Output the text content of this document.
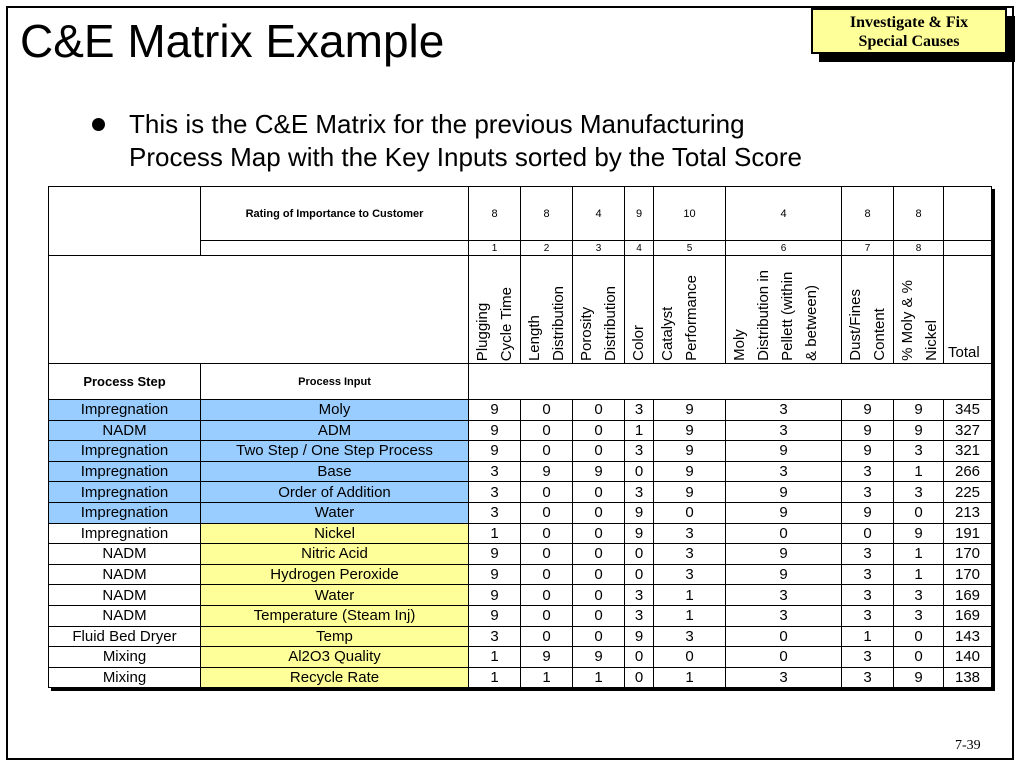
C&E Matrix Example	Investigate & Fix
Special Causes
This is the C&E Matrix for the previous Manufacturing
Process Map with the Key Inputs sorted by the Total Score
	Rating of Importance to Customer	8	8	4	9	10	4	8	8	
		1	2	3	4	5	6	7	8	

		Plugging Cycle Time	Length Distribution	Porosity Distribution	Color	Catalyst Performance	Moly Distribution in Pellett (within & between)	Dust/Fines Content	% Moly & % Nickel	Total

Process Step	Process Input									
Impregnation	Moly	9	0	0	3	9	3	9	9	345
NADM	ADM	9	0	0	1	9	3	9	9	327
Impregnation	Two Step / One Step Process	9	0	0	3	9	9	9	3	321
Impregnation	Base	3	9	9	0	9	3	3	1	266
Impregnation	Order of Addition	3	0	0	3	9	9	3	3	225
Impregnation	Water	3	0	0	9	0	9	9	0	213
Impregnation	Nickel	1	0	0	9	3	0	0	9	191
NADM	Nitric Acid	9	0	0	0	3	9	3	1	170
NADM	Hydrogen Peroxide	9	0	0	0	3	9	3	1	170
NADM	Water	9	0	0	3	1	3	3	3	169
NADM	Temperature (Steam Inj)	9	0	0	3	1	3	3	3	169
Fluid Bed Dryer	Temp	3	0	0	9	3	0	1	0	143
Mixing	Al2O3 Quality	1	9	9	0	0	0	3	0	140
Mixing	Recycle Rate	1	1	1	0	1	3	3	9	138
7-39
